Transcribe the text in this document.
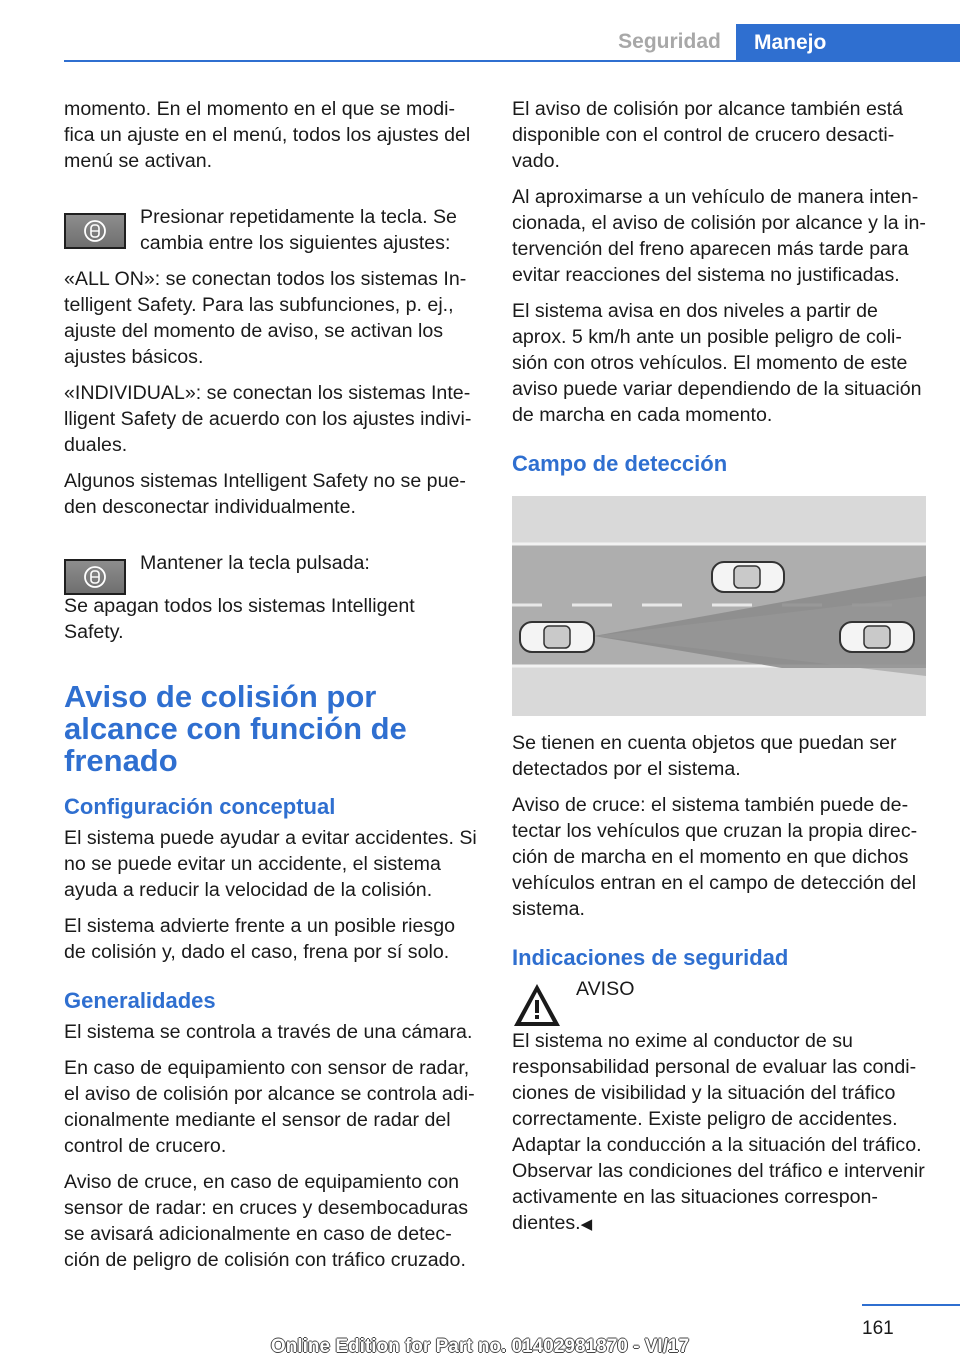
Seguridad	Manejo

momento. En el momento en el que se modifica un ajuste en el menú, todos los ajustes del menú se activan.

Presionar repetidamente la tecla. Se cambia entre los siguientes ajustes:

«ALL ON»: se conectan todos los sistemas Intelligent Safety. Para las subfunciones, p. ej., ajuste del momento de aviso, se activan los ajustes básicos.

«INDIVIDUAL»: se conectan los sistemas Intelligent Safety de acuerdo con los ajustes individuales.

Algunos sistemas Intelligent Safety no se pueden desconectar individualmente.

Mantener la tecla pulsada:

Se apagan todos los sistemas Intelligent Safety.

Aviso de colisión por alcance con función de frenado
Configuración conceptual

El sistema puede ayudar a evitar accidentes. Si no se puede evitar un accidente, el sistema ayuda a reducir la velocidad de la colisión.

El sistema advierte frente a un posible riesgo de colisión y, dado el caso, frena por sí solo.

Generalidades

El sistema se controla a través de una cámara.

En caso de equipamiento con sensor de radar, el aviso de colisión por alcance se controla adicionalmente mediante el sensor de radar del control de crucero.

Aviso de cruce, en caso de equipamiento con sensor de radar: en cruces y desembocaduras se avisará adicionalmente en caso de detección de peligro de colisión con tráfico cruzado.

El aviso de colisión por alcance también está disponible con el control de crucero desactivado.

Al aproximarse a un vehículo de manera intencionada, el aviso de colisión por alcance y la intervención del freno aparecen más tarde para evitar reacciones del sistema no justificadas.

El sistema avisa en dos niveles a partir de aprox. 5 km/h ante un posible peligro de colisión con otros vehículos. El momento de este aviso puede variar dependiendo de la situación de marcha en cada momento.

Campo de detección

Se tienen en cuenta objetos que puedan ser detectados por el sistema.

Aviso de cruce: el sistema también puede detectar los vehículos que cruzan la propia dirección de marcha en el momento en que dichos vehículos entran en el campo de detección del sistema.

Indicaciones de seguridad

AVISO

El sistema no exime al conductor de su responsabilidad personal de evaluar las condiciones de visibilidad y la situación del tráfico correctamente. Existe peligro de accidentes. Adaptar la conducción a la situación del tráfico. Observar las condiciones del tráfico e intervenir activamente en las situaciones correspondientes.◀

161
Online Edition for Part no. 01402981870 - VI/17
